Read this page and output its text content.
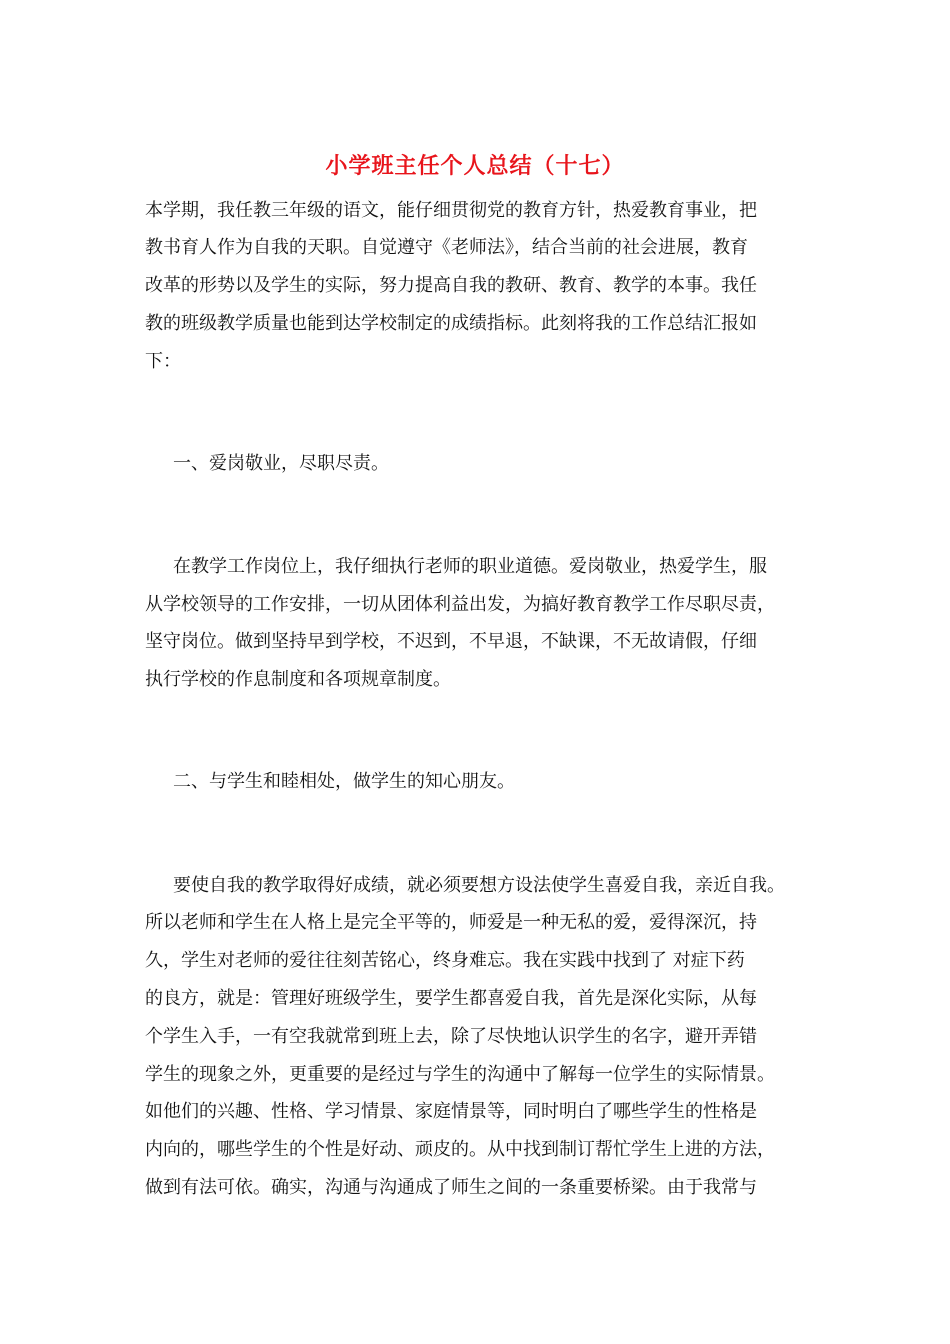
小学班主任个人总结（十七）
本学期，我任教三年级的语文，能仔细贯彻党的教育方针，热爱教育事业，把
教书育人作为自我的天职。自觉遵守《老师法》，结合当前的社会进展，教育
改革的形势以及学生的实际，努力提高自我的教研、教育、教学的本事。我任
教的班级教学质量也能到达学校制定的成绩指标。此刻将我的工作总结汇报如
下：
一、爱岗敬业，尽职尽责。
在教学工作岗位上，我仔细执行老师的职业道德。爱岗敬业，热爱学生，服
从学校领导的工作安排，一切从团体利益出发，为搞好教育教学工作尽职尽责，
坚守岗位。做到坚持早到学校，不迟到，不早退，不缺课，不无故请假，仔细
执行学校的作息制度和各项规章制度。
二、与学生和睦相处，做学生的知心朋友。
要使自我的教学取得好成绩，就必须要想方设法使学生喜爱自我，亲近自我。
所以老师和学生在人格上是完全平等的，师爱是一种无私的爱，爱得深沉，持
久，学生对老师的爱往往刻苦铭心，终身难忘。我在实践中找到了 对症下药
的良方，就是：管理好班级学生，要学生都喜爱自我，首先是深化实际，从每
个学生入手，一有空我就常到班上去，除了尽快地认识学生的名字，避开弄错
学生的现象之外，更重要的是经过与学生的沟通中了解每一位学生的实际情景。
如他们的兴趣、性格、学习情景、家庭情景等，同时明白了哪些学生的性格是
内向的，哪些学生的个性是好动、顽皮的。从中找到制订帮忙学生上进的方法，
做到有法可依。确实，沟通与沟通成了师生之间的一条重要桥梁。由于我常与
